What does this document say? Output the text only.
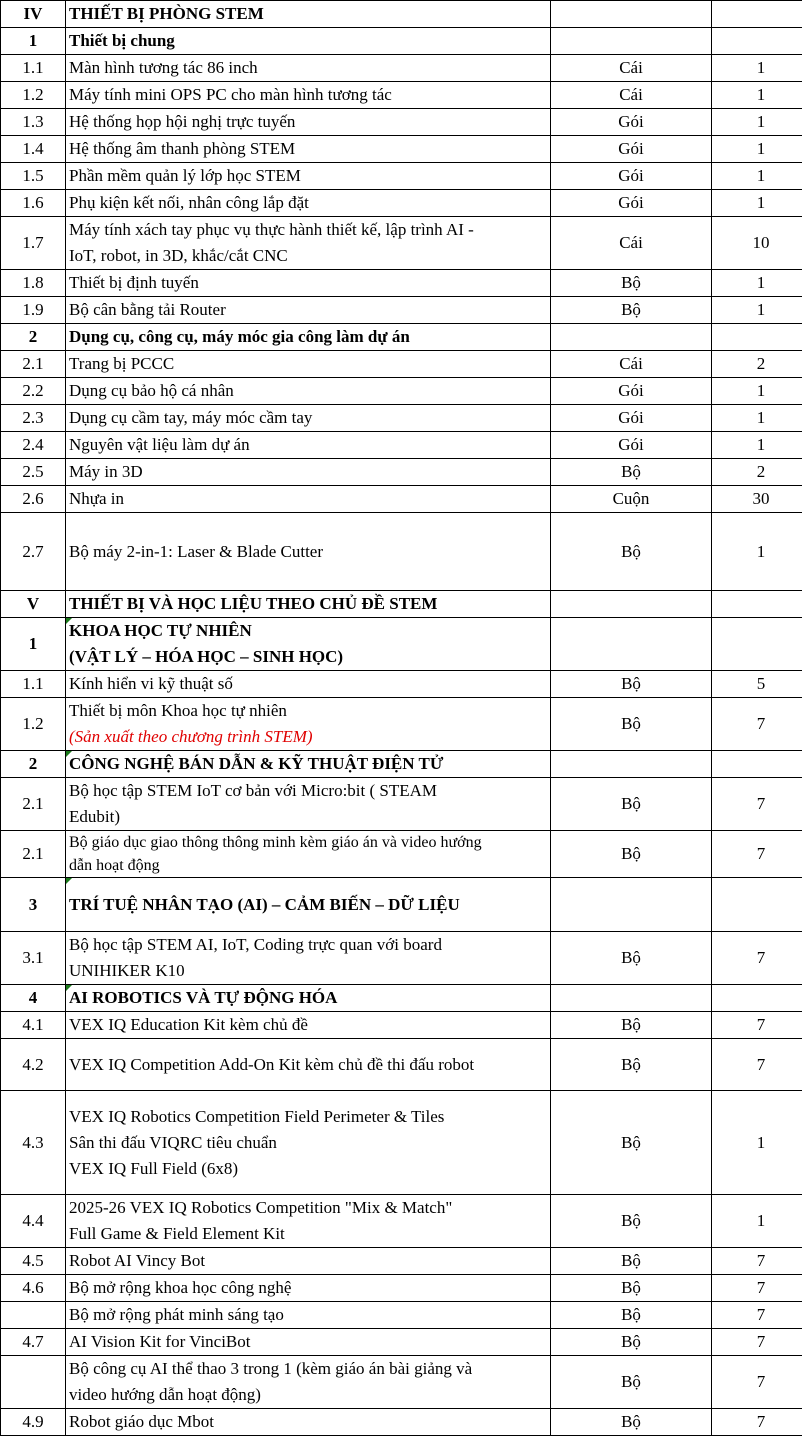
IV	THIẾT BỊ PHÒNG STEM		

1	Thiết bị chung		

1.1	Màn hình tương tác 86 inch	Cái	1
1.2	Máy tính mini OPS PC cho màn hình tương tác	Cái	1
1.3	Hệ thống họp hội nghị trực tuyến	Gói	1
1.4	Hệ thống âm thanh phòng STEM	Gói	1
1.5	Phần mềm quản lý lớp học STEM	Gói	1
1.6	Phụ kiện kết nối, nhân công lắp đặt	Gói	1
1.7	Máy tính xách tay phục vụ thực hành thiết kế, lập trình AI -
IoT, robot, in 3D, khắc/cắt CNC	Cái	10
1.8	Thiết bị định tuyến	Bộ	1
1.9	Bộ cân bằng tải Router	Bộ	1
2	Dụng cụ, công cụ, máy móc gia công làm dự án		

2.1	Trang bị PCCC	Cái	2
2.2	Dụng cụ bảo hộ cá nhân	Gói	1
2.3	Dụng cụ cầm tay, máy móc cầm tay	Gói	1
2.4	Nguyên vật liệu làm dự án	Gói	1
2.5	Máy in 3D	Bộ	2
2.6	Nhựa in	Cuộn	30
2.7	Bộ máy 2-in-1: Laser & Blade Cutter	Bộ	1
V	THIẾT BỊ VÀ HỌC LIỆU THEO CHỦ ĐỀ STEM		

1	KHOA HỌC TỰ NHIÊN
(VẬT LÝ – HÓA HỌC – SINH HỌC)		

1.1	Kính hiển vi kỹ thuật số	Bộ	5
1.2	Thiết bị môn Khoa học tự nhiên
(Sản xuất theo chương trình STEM)	Bộ	7
2	CÔNG NGHỆ BÁN DẪN & KỸ THUẬT ĐIỆN TỬ		

2.1	Bộ học tập STEM IoT cơ bản với Micro:bit ( STEAM
Edubit)	Bộ	7
2.1	Bộ giáo dục giao thông thông minh kèm giáo án và video hướng
dẫn hoạt động	Bộ	7
3	TRÍ TUỆ NHÂN TẠO (AI) – CẢM BIẾN – DỮ LIỆU		

3.1	Bộ học tập STEM AI, IoT, Coding trực quan với board
UNIHIKER K10	Bộ	7
4	AI ROBOTICS VÀ TỰ ĐỘNG HÓA		

4.1	VEX IQ Education Kit kèm chủ đề	Bộ	7
4.2	VEX IQ Competition Add-On Kit kèm chủ đề thi đấu robot	Bộ	7
4.3	VEX IQ Robotics Competition Field Perimeter & Tiles
Sân thi đấu VIQRC tiêu chuẩn
VEX IQ Full Field (6x8)	Bộ	1
4.4	2025-26 VEX IQ Robotics Competition "Mix & Match"
Full Game & Field Element Kit	Bộ	1
4.5	Robot AI Vincy Bot	Bộ	7
4.6	Bộ mở rộng khoa học công nghệ	Bộ	7

	Bộ mở rộng phát minh sáng tạo	Bộ	7
4.7	AI Vision Kit for VinciBot	Bộ	7

	Bộ công cụ AI thể thao 3 trong 1 (kèm giáo án bài giảng và
video hướng dẫn hoạt động)	Bộ	7
4.9	Robot giáo dục Mbot	Bộ	7
